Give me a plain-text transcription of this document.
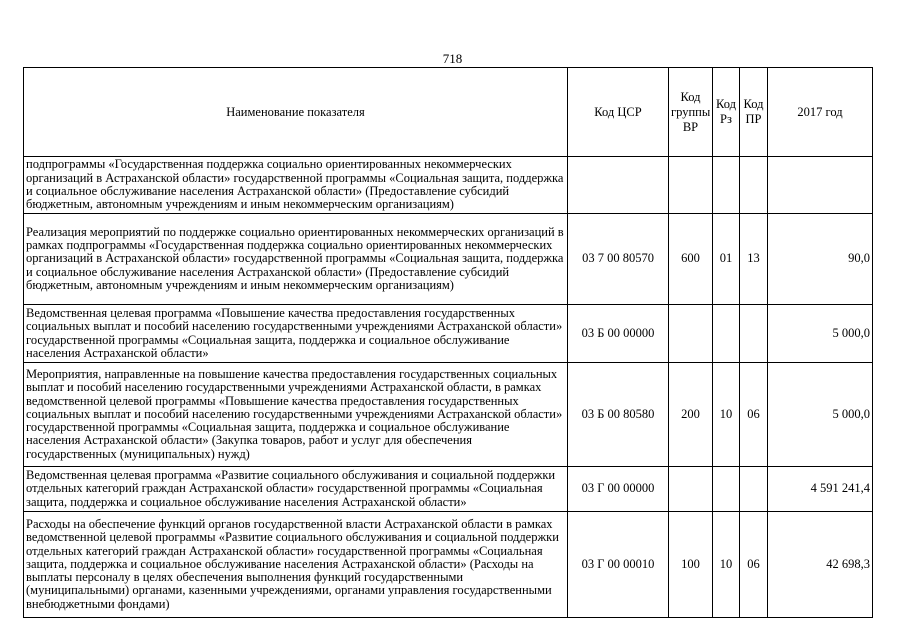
718
Наименование показателя	Код ЦСР	Код группы ВР	Код Рз	Код ПР	2017 год
подпрограммы «Государственная поддержка социально ориентированных некоммерческих организаций в Астраханской области» государственной программы «Социальная защита, поддержка и социальное обслуживание населения Астраханской области» (Предоставление субсидий бюджетным, автономным учреждениям и иным некоммерческим организациям)					
Реализация мероприятий по поддержке социально ориентированных некоммерческих организаций в рамках подпрограммы «Государственная поддержка социально ориентированных некоммерческих организаций в Астраханской области» государственной программы «Социальная защита, поддержка и социальное обслуживание населения Астраханской области» (Предоставление субсидий бюджетным, автономным учреждениям и иным некоммерческим организациям)	03 7 00 80570	600	01	13	90,0
Ведомственная целевая программа «Повышение качества предоставления государственных социальных выплат и пособий населению государственными учреждениями Астраханской области» государственной программы «Социальная защита, поддержка и социальное обслуживание населения Астраханской области»	03 Б 00 00000				5 000,0
Мероприятия, направленные на повышение качества предоставления государственных социальных выплат и пособий населению государственными учреждениями Астраханской области, в рамках ведомственной целевой программы «Повышение качества предоставления государственных социальных выплат и пособий населению государственными учреждениями Астраханской области» государственной программы «Социальная защита, поддержка и социальное обслуживание населения Астраханской области» (Закупка товаров, работ и услуг для обеспечения государственных (муниципальных) нужд)	03 Б 00 80580	200	10	06	5 000,0
Ведомственная целевая программа «Развитие социального обслуживания и социальной поддержки отдельных категорий граждан Астраханской области» государственной программы «Социальная защита, поддержка и социальное обслуживание населения Астраханской области»	03 Г 00 00000				4 591 241,4
Расходы на обеспечение функций органов государственной власти Астраханской области в рамках ведомственной целевой программы «Развитие социального обслуживания и социальной поддержки отдельных категорий граждан Астраханской области» государственной программы «Социальная защита, поддержка и социальное обслуживание населения Астраханской области» (Расходы на выплаты персоналу в целях обеспечения выполнения функций государственными (муниципальными) органами, казенными учреждениями, органами управления государственными внебюджетными фондами)	03 Г 00 00010	100	10	06	42 698,3
